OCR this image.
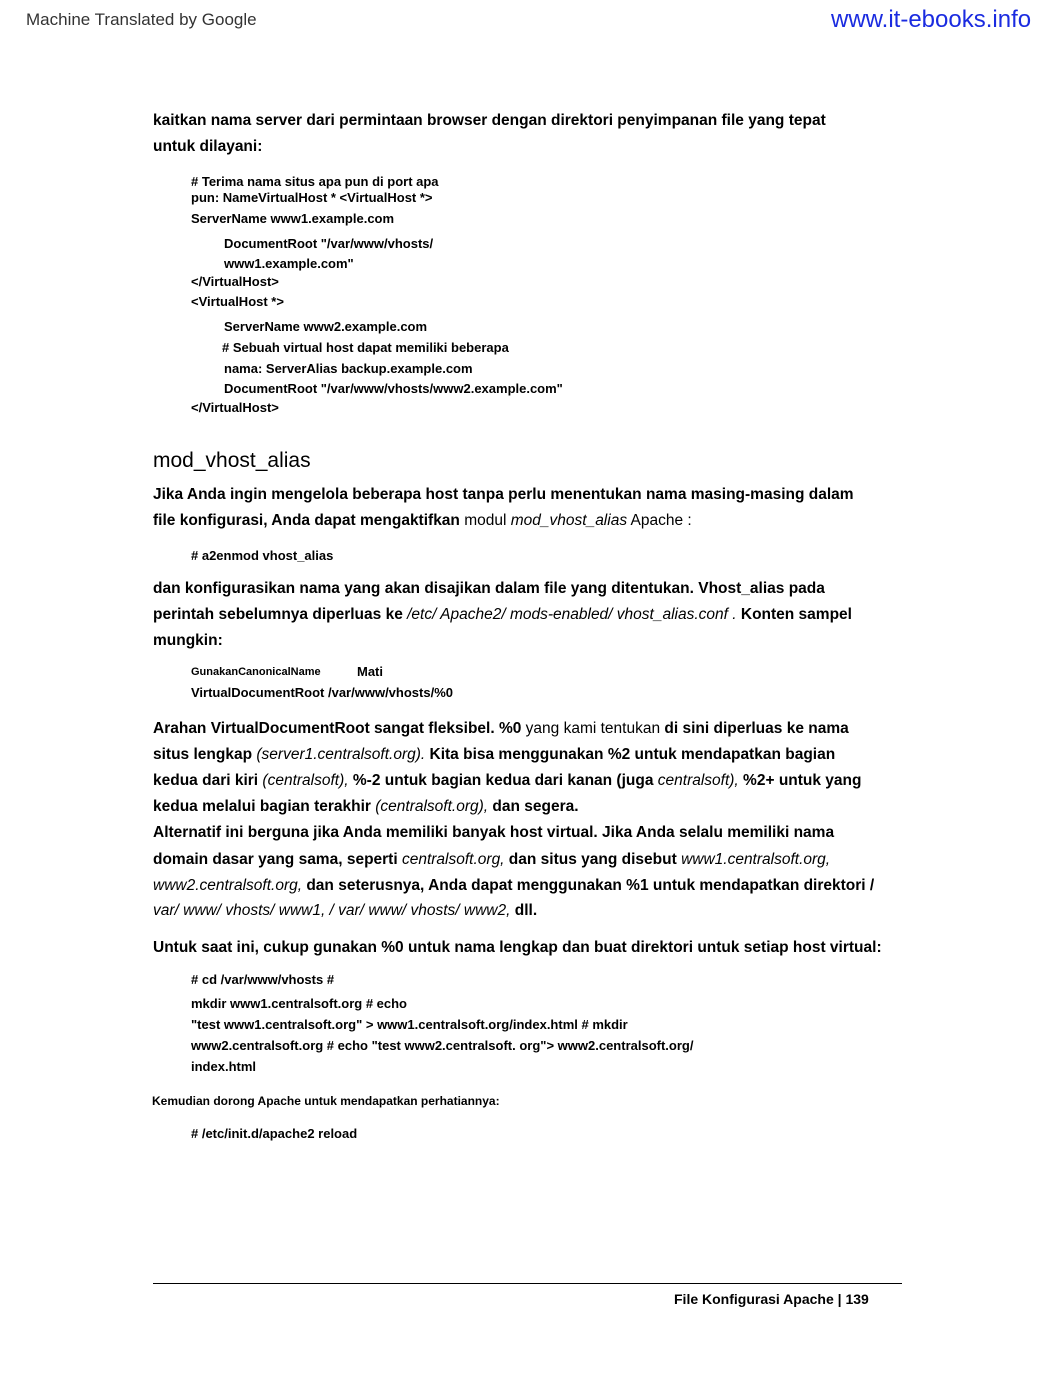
Machine Translated by Google	www.it-ebooks.info
kaitkan nama server dari permintaan browser dengan direktori penyimpanan file yang tepat
untuk dilayani:
# Terima nama situs apa pun di port apa
pun: NameVirtualHost * <VirtualHost *>
ServerName www1.example.com
DocumentRoot "/var/www/vhosts/
www1.example.com"
</VirtualHost>
<VirtualHost *>
ServerName www2.example.com
# Sebuah virtual host dapat memiliki beberapa
nama: ServerAlias backup.example.com
DocumentRoot "/var/www/vhosts/www2.example.com"
</VirtualHost>
mod_vhost_alias
Jika Anda ingin mengelola beberapa host tanpa perlu menentukan nama masing-masing dalam
file konfigurasi, Anda dapat mengaktifkan modul mod_vhost_alias Apache :
# a2enmod vhost_alias
dan konfigurasikan nama yang akan disajikan dalam file yang ditentukan. Vhost_alias pada
perintah sebelumnya diperluas ke /etc/ Apache2/ mods-enabled/ vhost_alias.conf . Konten sampel
mungkin:
GunakanCanonicalName	Mati
VirtualDocumentRoot /var/www/vhosts/%0
Arahan VirtualDocumentRoot sangat fleksibel. %0 yang kami tentukan di sini diperluas ke nama
situs lengkap (server1.centralsoft.org). Kita bisa menggunakan %2 untuk mendapatkan bagian
kedua dari kiri (centralsoft), %-2 untuk bagian kedua dari kanan (juga centralsoft), %2+ untuk yang
kedua melalui bagian terakhir (centralsoft.org), dan segera.
Alternatif ini berguna jika Anda memiliki banyak host virtual. Jika Anda selalu memiliki nama
domain dasar yang sama, seperti centralsoft.org, dan situs yang disebut www1.centralsoft.org,
www2.centralsoft.org, dan seterusnya, Anda dapat menggunakan %1 untuk mendapatkan direktori /
var/ www/ vhosts/ www1, / var/ www/ vhosts/ www2, dll.
Untuk saat ini, cukup gunakan %0 untuk nama lengkap dan buat direktori untuk setiap host virtual:
# cd /var/www/vhosts #
mkdir www1.centralsoft.org # echo
"test www1.centralsoft.org" > www1.centralsoft.org/index.html # mkdir
www2.centralsoft.org # echo "test www2.centralsoft. org"> www2.centralsoft.org/
index.html
Kemudian dorong Apache untuk mendapatkan perhatiannya:
# /etc/init.d/apache2 reload
File Konfigurasi Apache | 139
